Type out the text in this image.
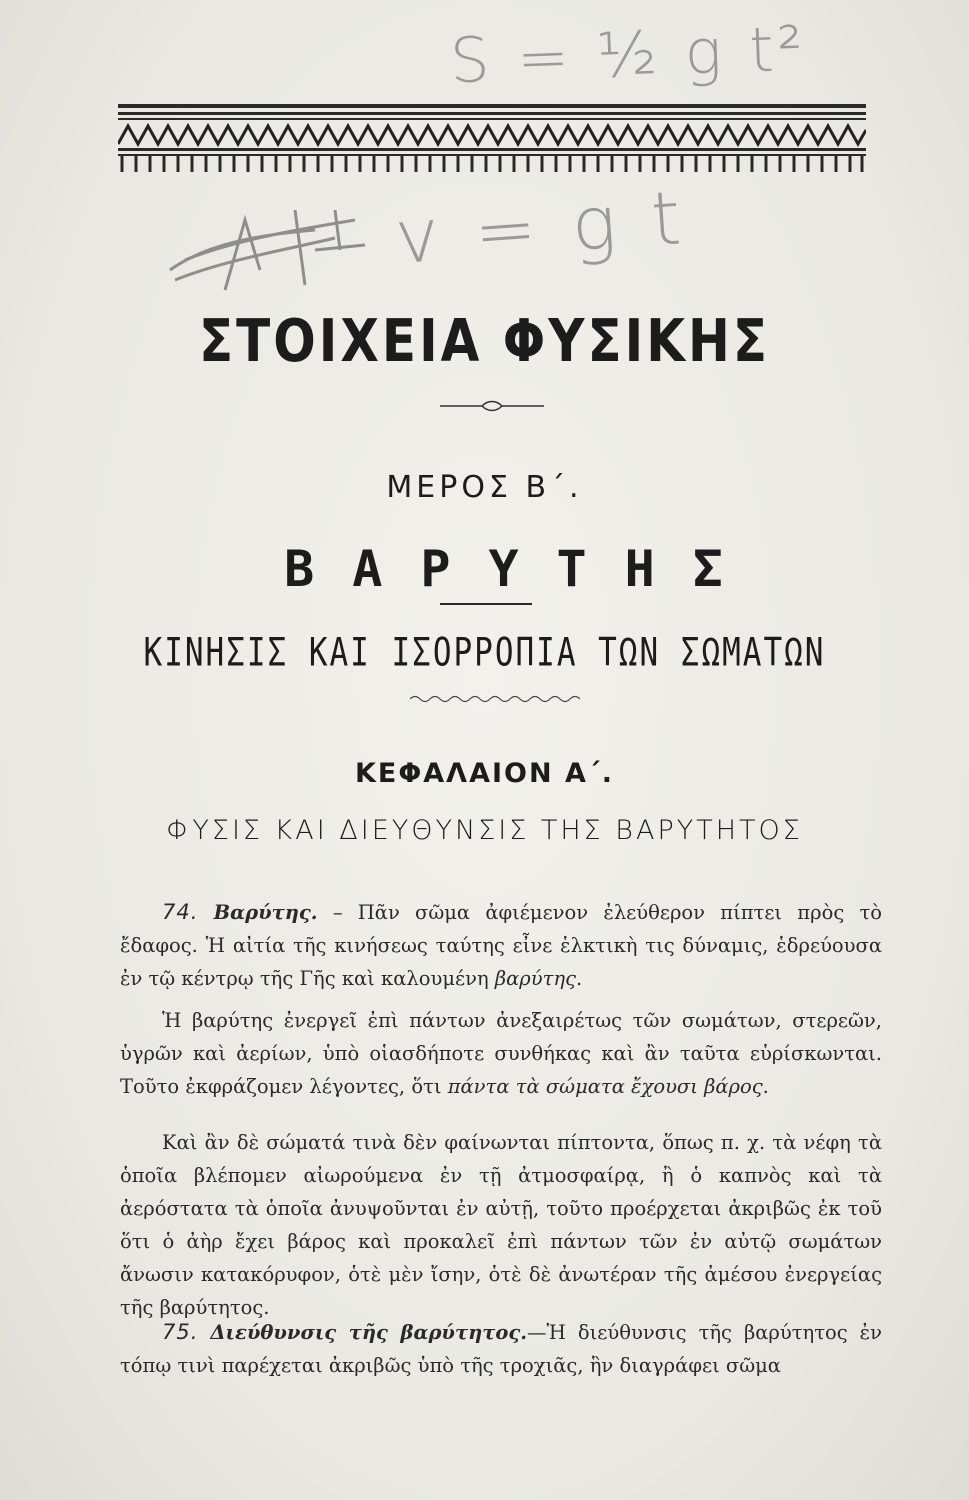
S = ½ g t²
v = g t
ΣΤΟΙΧΕΙΑ ΦΥΣΙΚΗΣ
ΜΕΡΟΣ Β΄.
ΒΑΡΥΤΗΣ
ΚΙΝΗΣΙΣ ΚΑΙ ΙΣΟΡΡΟΠΙΑ ΤΩΝ ΣΩΜΑΤΩΝ
ΚΕΦΑΛΑΙΟΝ Α΄.
ΦΥΣΙΣ ΚΑΙ ΔΙΕΥΘΥΝΣΙΣ ΤΗΣ ΒΑΡΥΤΗΤΟΣ

74. Βαρύτης. – Πᾶν σῶμα ἀφιέμενον ἐλεύθερον πίπτει πρὸς τὸ ἔδαφος. Ἡ αἰτία τῆς κινήσεως ταύτης εἶνε ἑλκτικὴ τις δύναμις, ἑδρεύουσα ἐν τῷ κέντρῳ τῆς Γῆς καὶ καλουμένη βαρύτης.

Ἡ βαρύτης ἐνεργεῖ ἐπὶ πάντων ἀνεξαιρέτως τῶν σωμάτων, στερεῶν, ὑγρῶν καὶ ἀερίων, ὑπὸ οἱασδήποτε συνθήκας καὶ ἂν ταῦτα εὑρίσκωνται. Τοῦτο ἐκφράζομεν λέγοντες, ὅτι πάντα τὰ σώματα ἔχουσι βάρος.

Καὶ ἂν δὲ σώματά τινὰ δὲν φαίνωνται πίπτοντα, ὅπως π. χ. τὰ νέφη τὰ ὁποῖα βλέπομεν αἰωρούμενα ἐν τῇ ἀτμοσφαίρᾳ, ἢ ὁ καπνὸς καὶ τὰ ἀερόστατα τὰ ὁποῖα ἀνυψοῦνται ἐν αὐτῇ, τοῦτο προέρχεται ἀκριβῶς ἐκ τοῦ ὅτι ὁ ἀὴρ ἔχει βάρος καὶ προκαλεῖ ἐπὶ πάντων τῶν ἐν αὐτῷ σωμάτων ἄνωσιν κατακόρυφον, ὁτὲ μὲν ἴσην, ὁτὲ δὲ ἀνωτέραν τῆς ἀμέσου ἐνεργείας τῆς βαρύτητος.

75. Διεύθυνσις τῆς βαρύτητος.—Ἡ διεύθυνσις τῆς βαρύτητος ἐν τόπῳ τινὶ παρέχεται ἀκριβῶς ὑπὸ τῆς τροχιᾶς, ἣν διαγράφει σῶμα
